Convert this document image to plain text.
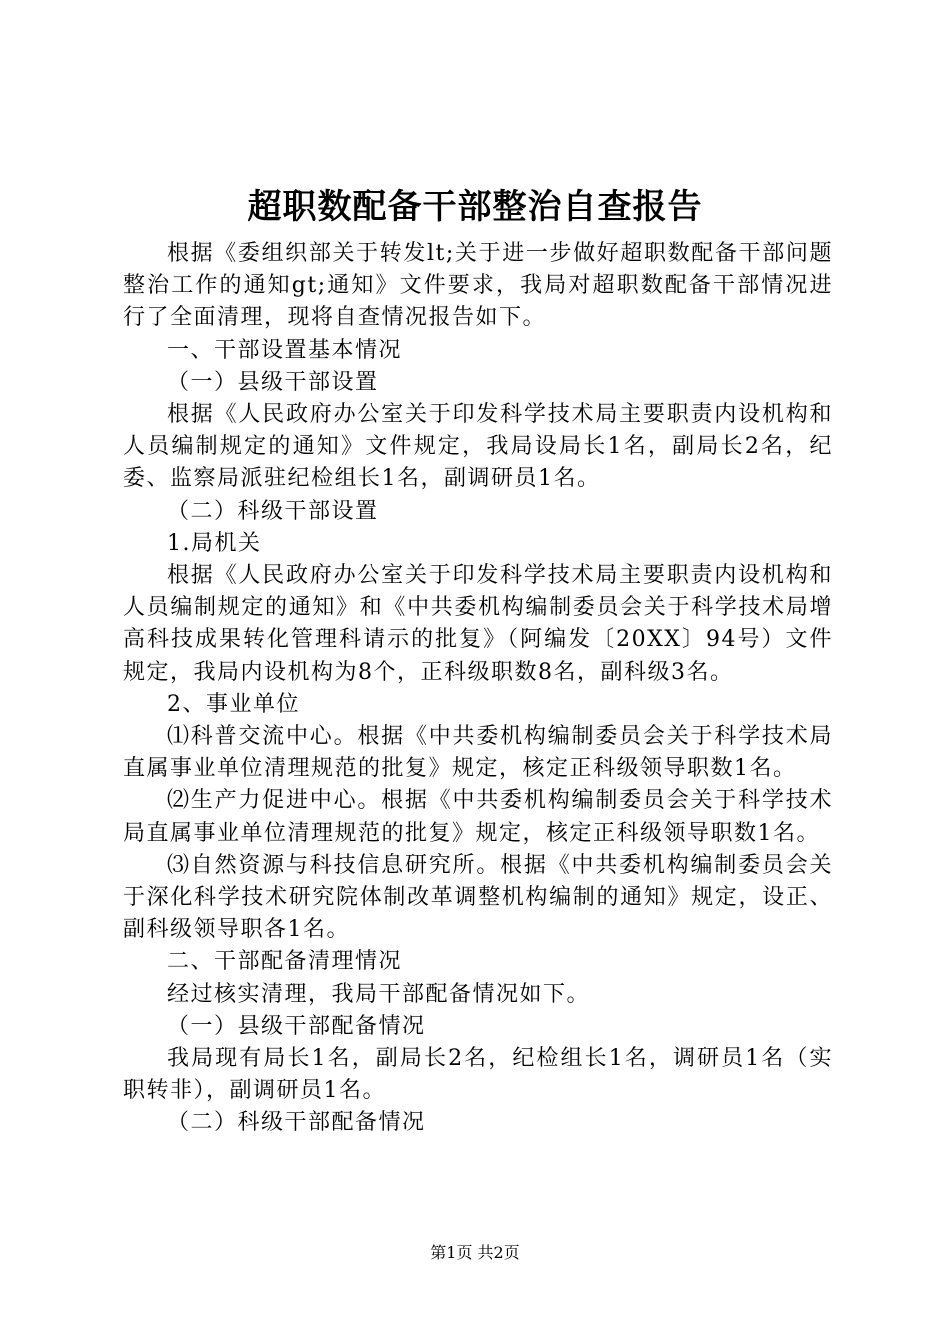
超职数配备干部整治自查报告

根据《委组织部关于转发lt;关于进一步做好超职数配备干部问题整治工作的通知gt;通知》文件要求，我局对超职数配备干部情况进行了全面清理，现将自查情况报告如下。

一、干部设置基本情况

（一）县级干部设置

根据《人民政府办公室关于印发科学技术局主要职责内设机构和人员编制规定的通知》文件规定，我局设局长1名，副局长2名，纪委、监察局派驻纪检组长1名，副调研员1名。

（二）科级干部设置

1.局机关

根据《人民政府办公室关于印发科学技术局主要职责内设机构和人员编制规定的通知》和《中共委机构编制委员会关于科学技术局增高科技成果转化管理科请示的批复》（阿编发〔20XX〕94号）文件规定，我局内设机构为8个，正科级职数8名，副科级3名。

2、事业单位

⑴科普交流中心。根据《中共委机构编制委员会关于科学技术局直属事业单位清理规范的批复》规定，核定正科级领导职数1名。

⑵生产力促进中心。根据《中共委机构编制委员会关于科学技术局直属事业单位清理规范的批复》规定，核定正科级领导职数1名。

⑶自然资源与科技信息研究所。根据《中共委机构编制委员会关于深化科学技术研究院体制改革调整机构编制的通知》规定，设正、副科级领导职各1名。

二、干部配备清理情况

经过核实清理，我局干部配备情况如下。

（一）县级干部配备情况

我局现有局长1名，副局长2名，纪检组长1名，调研员1名（实职转非），副调研员1名。

（二）科级干部配备情况

第1页 共2页
